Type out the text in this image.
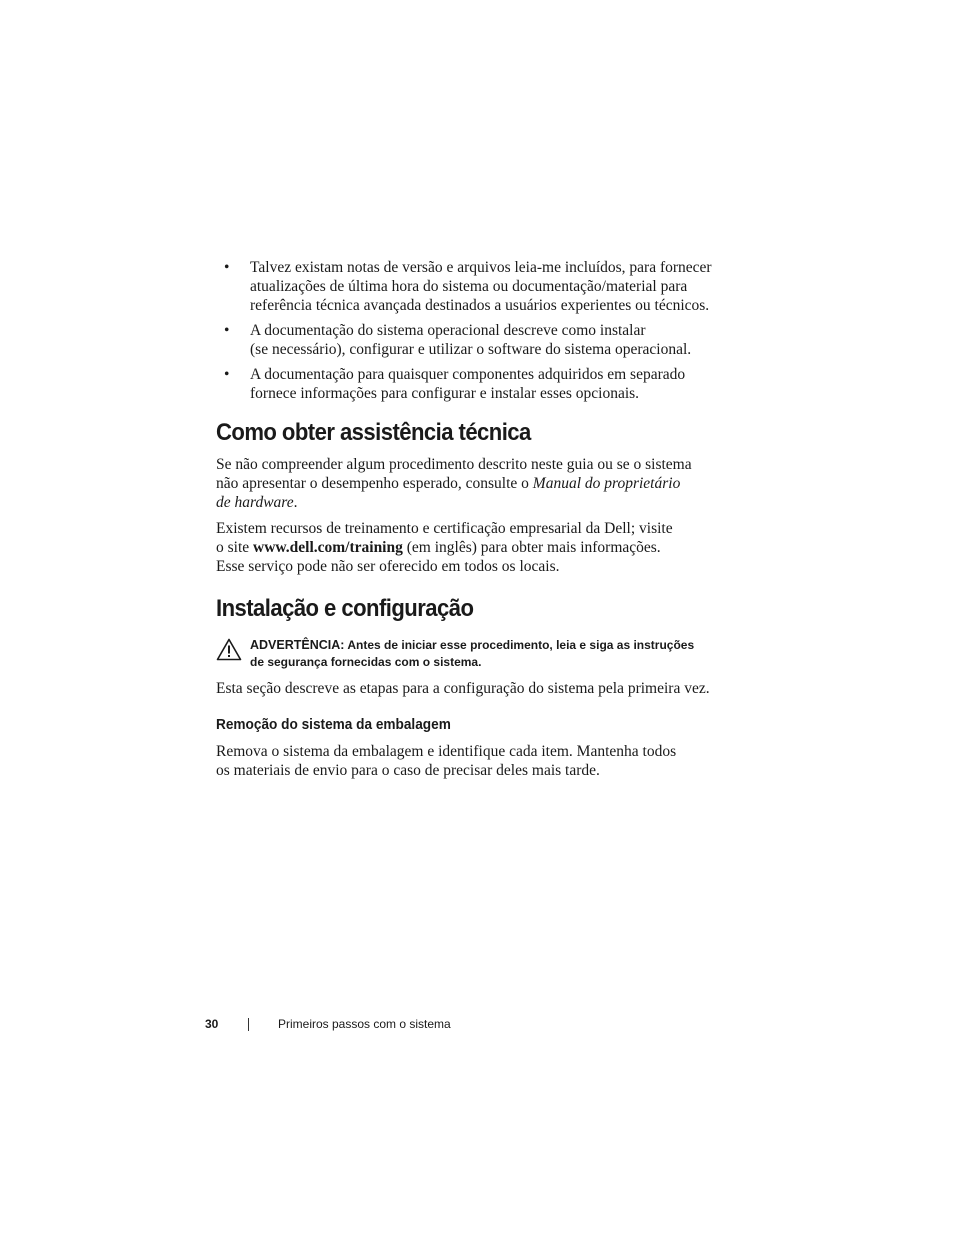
• Talvez existam notas de versão e arquivos leia-me incluídos, para fornecer
atualizações de última hora do sistema ou documentação/material para
referência técnica avançada destinados a usuários experientes ou técnicos.
• A documentação do sistema operacional descreve como instalar
(se necessário), configurar e utilizar o software do sistema operacional.
• A documentação para quaisquer componentes adquiridos em separado
fornece informações para configurar e instalar esses opcionais.
Como obter assistência técnica

Se não compreender algum procedimento descrito neste guia ou se o sistema
não apresentar o desempenho esperado, consulte o Manual do proprietário
de hardware.

Existem recursos de treinamento e certificação empresarial da Dell; visite
o site www.dell.com/training (em inglês) para obter mais informações.
Esse serviço pode não ser oferecido em todos os locais.

Instalação e configuração
ADVERTÊNCIA: Antes de iniciar esse procedimento, leia e siga as instruções
de segurança fornecidas com o sistema.

Esta seção descreve as etapas para a configuração do sistema pela primeira vez.

Remoção do sistema da embalagem

Remova o sistema da embalagem e identifique cada item. Mantenha todos
os materiais de envio para o caso de precisar deles mais tarde.

30	Primeiros passos com o sistema
